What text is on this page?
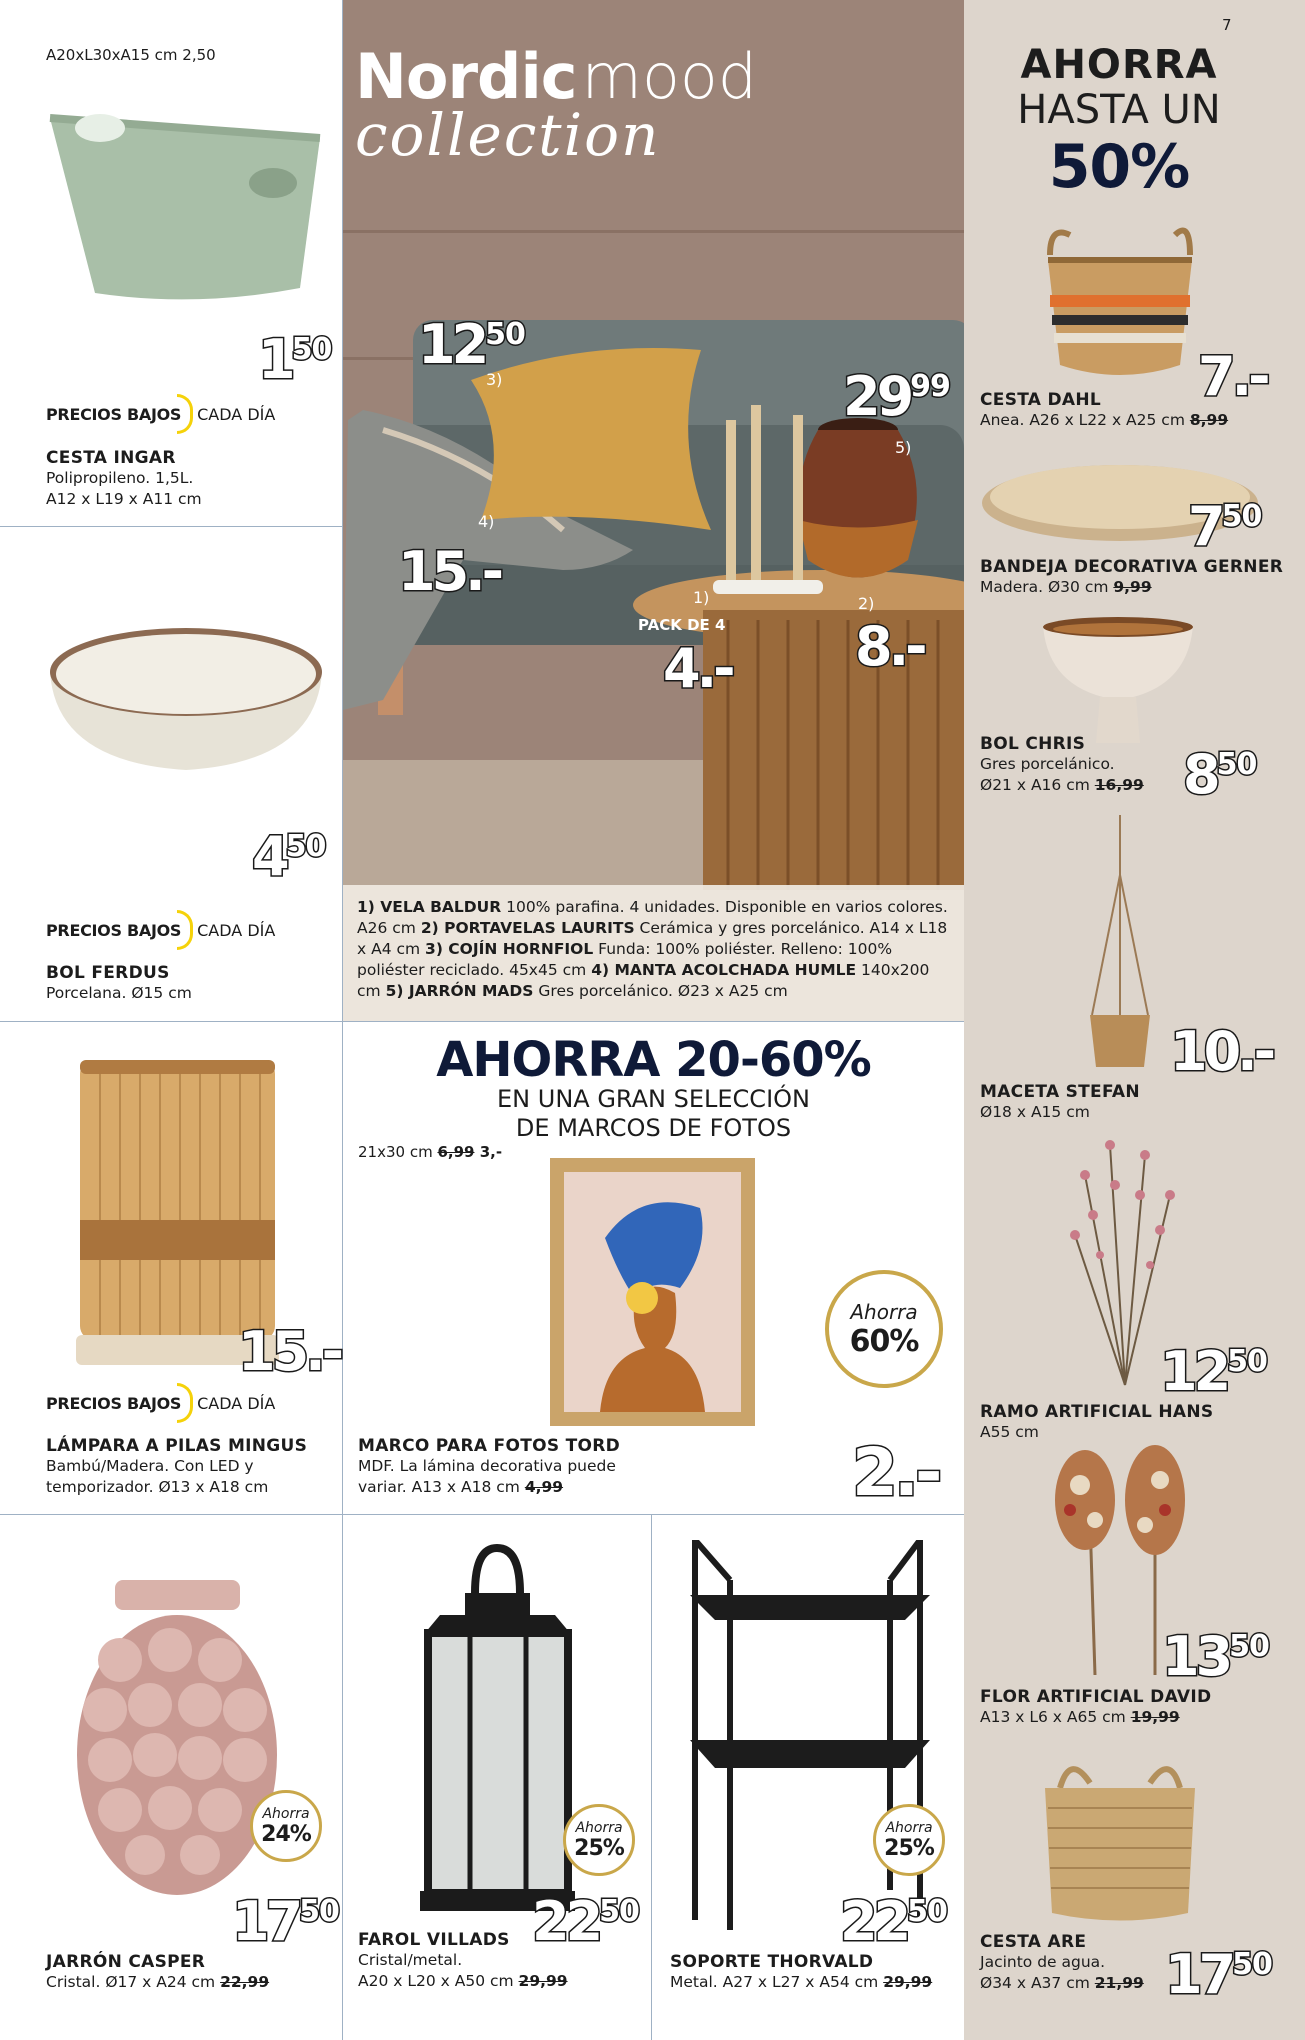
7
AHORRA
HASTA UN
50%
7.-
CESTA DAHL
Anea. A26 x L22 x A25 cm 8,99
750
BANDEJA DECORATIVA GERNER
Madera. Ø30 cm 9,99
850
BOL CHRIS
Gres porcelánico.
Ø21 x A16 cm 16,99
10.-
MACETA STEFAN
Ø18 x A15 cm
1250
RAMO ARTIFICIAL HANS
A55 cm
1350
FLOR ARTIFICIAL DAVID
A13 x L6 x A65 cm 19,99
1750
CESTA ARE
Jacinto de agua.
Ø34 x A37 cm 21,99
Nordic mood
collection
1250
2999
15.-
4.- 8.-
PACK DE 4
1)	2)
3)
4)
5)
1) VELA BALDUR 100% parafina. 4 unidades. Disponible en varios colores. A26 cm 2) PORTAVELAS LAURITS Cerámica y gres porcelánico. A14 x L18 x A4 cm 3) COJÍN HORNFIOL Funda: 100% poliéster. Relleno: 100% poliéster reciclado. 45x45 cm 4) MANTA ACOLCHADA HUMLE 140x200 cm 5) JARRÓN MADS Gres porcelánico. Ø23 x A25 cm
A20xL30xA15 cm 2,50
150
PRECIOS BAJOS CADA DÍA
CESTA INGAR
Polipropileno. 1,5L.
A12 x L19 x A11 cm
450
PRECIOS BAJOS CADA DÍA
BOL FERDUS
Porcelana. Ø15 cm
15.-
PRECIOS BAJOS CADA DÍA
LÁMPARA A PILAS MINGUS
Bambú/Madera. Con LED y
temporizador. Ø13 x A18 cm
AHORRA 20-60%
EN UNA GRAN SELECCIÓN
DE MARCOS DE FOTOS
21x30 cm 6,99 3,-
Ahorra
60%
MARCO PARA FOTOS TORD
MDF. La lámina decorativa puede
variar. A13 x A18 cm 4,99	2.-
Ahorra
24%
1750
JARRÓN CASPER
Cristal. Ø17 x A24 cm 22,99
Ahorra
25%
2250
FAROL VILLADS
Cristal/metal.
A20 x L20 x A50 cm 29,99
Ahorra
25%
2250
SOPORTE THORVALD
Metal. A27 x L27 x A54 cm 29,99
